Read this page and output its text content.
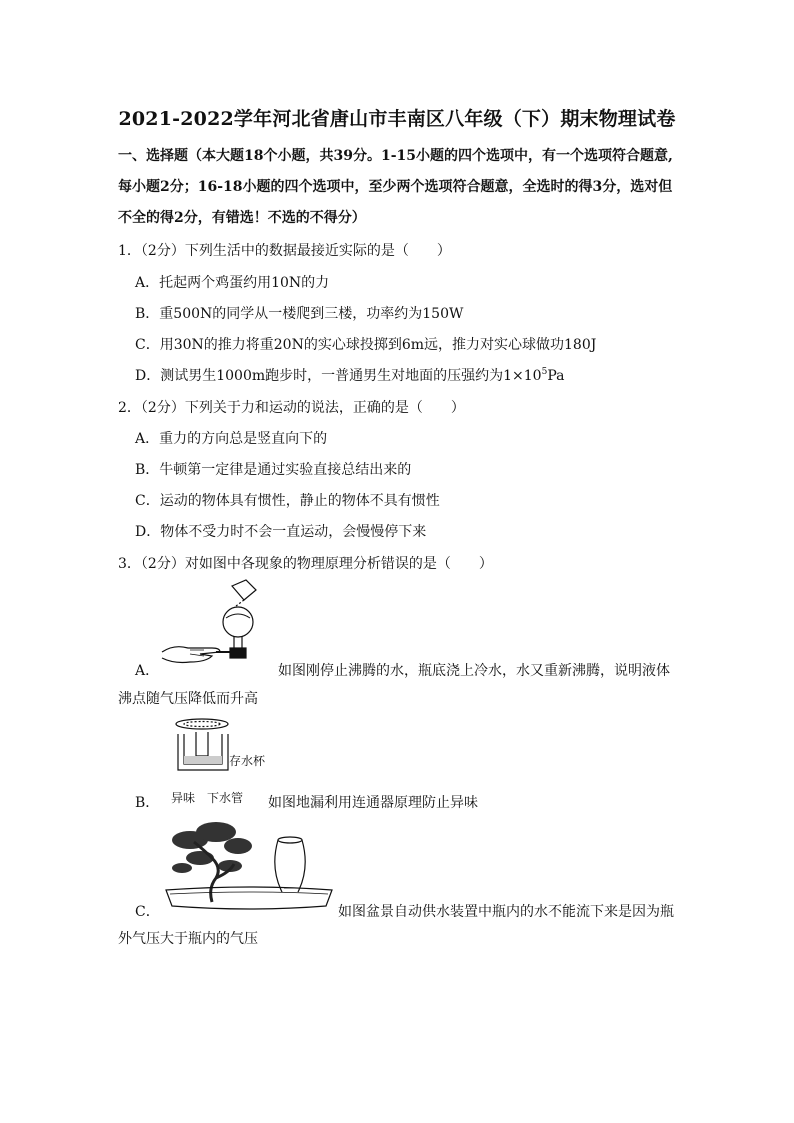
2021-2022学年河北省唐山市丰南区八年级（下）期末物理试卷
一、选择题（本大题18个小题，共39分。1-15小题的四个选项中，有一个选项符合题意,
每小题2分；16-18小题的四个选项中，至少两个选项符合题意，全选时的得3分，选对但
不全的得2分，有错选！不选的不得分）
1．（2分）下列生活中的数据最接近实际的是（　　）
A．托起两个鸡蛋约用10N的力
B．重500N的同学从一楼爬到三楼，功率约为150W
C．用30N的推力将重20N的实心球投掷到6m远，推力对实心球做功180J
D．测试男生1000m跑步时，一普通男生对地面的压强约为$1\times 10^5Pa$
2．（2分）下列关于力和运动的说法，正确的是（　　）
A．重力的方向总是竖直向下的
B．牛顿第一定律是通过实验直接总结出来的
C．运动的物体具有惯性，静止的物体不具有惯性
D．物体不受力时不会一直运动，会慢慢停下来
3．（2分）对如图中各现象的物理原理分析错误的是（　　）
A．	如图刚停止沸腾的水，瓶底浇上冷水，水又重新沸腾，说明液体
沸点随气压降低而升高
存水杯
异味 下水管
B．	如图地漏利用连通器原理防止异味
C．	如图盆景自动供水装置中瓶内的水不能流下来是因为瓶
外气压大于瓶内的气压
